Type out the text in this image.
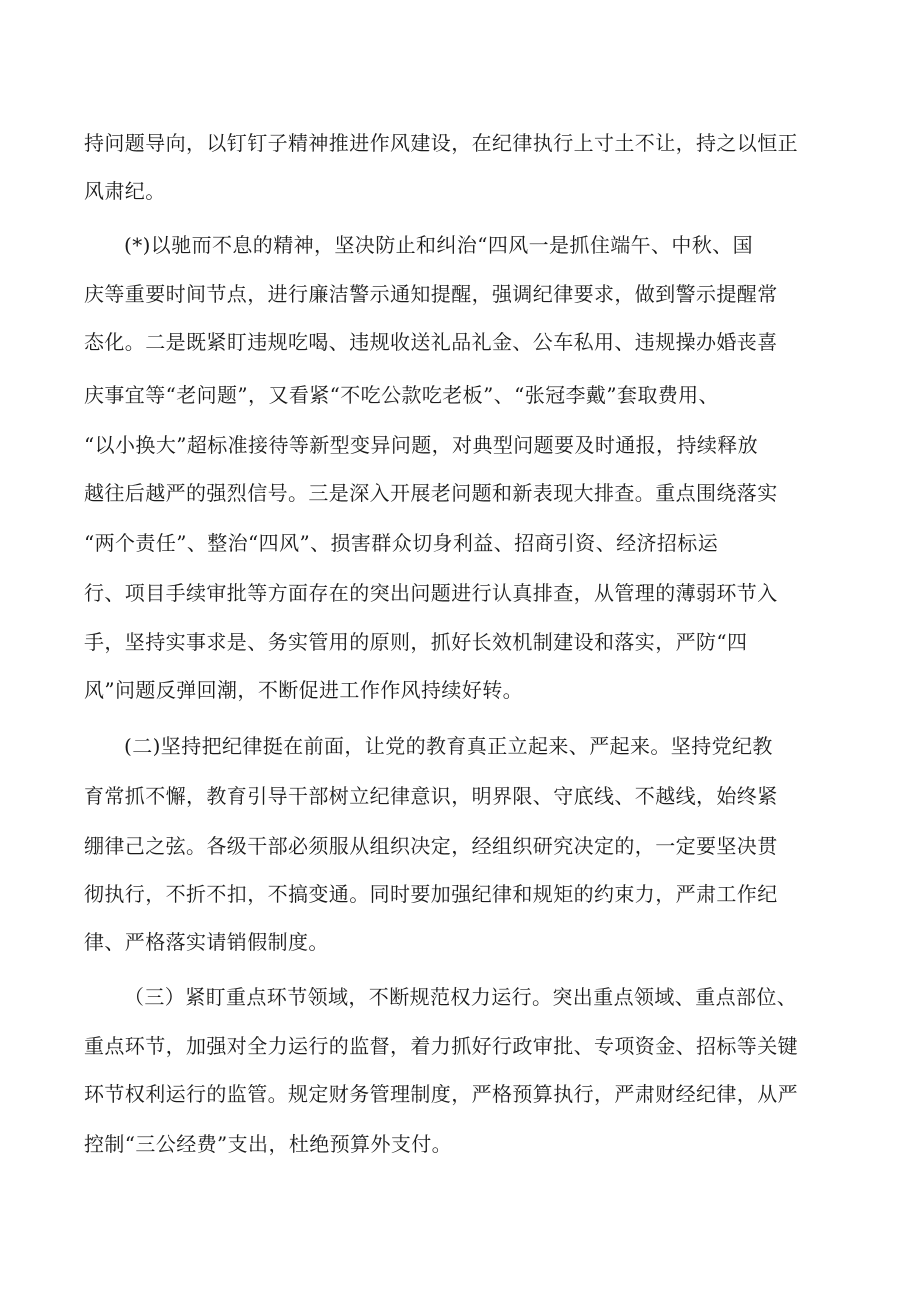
持问题导向，以钉钉子精神推进作风建设，在纪律执行上寸土不让，持之以恒正
风肃纪。
(*)以驰而不息的精神，坚决防止和纠治“四风一是抓住端午、中秋、国
庆等重要时间节点，进行廉洁警示通知提醒，强调纪律要求，做到警示提醒常
态化。二是既紧盯违规吃喝、违规收送礼品礼金、公车私用、违规操办婚丧喜
庆事宜等“老问题”，又看紧“不吃公款吃老板”、“张冠李戴”套取费用、
“以小换大”超标准接待等新型变异问题，对典型问题要及时通报，持续释放
越往后越严的强烈信号。三是深入开展老问题和新表现大排查。重点围绕落实
“两个责任”、整治“四风”、损害群众切身利益、招商引资、经济招标运
行、项目手续审批等方面存在的突出问题进行认真排查，从管理的薄弱环节入
手，坚持实事求是、务实管用的原则，抓好长效机制建设和落实，严防“四
风”问题反弹回潮，不断促进工作作风持续好转。
(二)坚持把纪律挺在前面，让党的教育真正立起来、严起来。坚持党纪教
育常抓不懈，教育引导干部树立纪律意识，明界限、守底线、不越线，始终紧
绷律己之弦。各级干部必须服从组织决定，经组织研究决定的，一定要坚决贯
彻执行，不折不扣，不搞变通。同时要加强纪律和规矩的约束力，严肃工作纪
律、严格落实请销假制度。
（三）紧盯重点环节领域，不断规范权力运行。突出重点领域、重点部位、
重点环节，加强对全力运行的监督，着力抓好行政审批、专项资金、招标等关键
环节权利运行的监管。规定财务管理制度，严格预算执行，严肃财经纪律，从严
控制“三公经费”支出，杜绝预算外支付。
